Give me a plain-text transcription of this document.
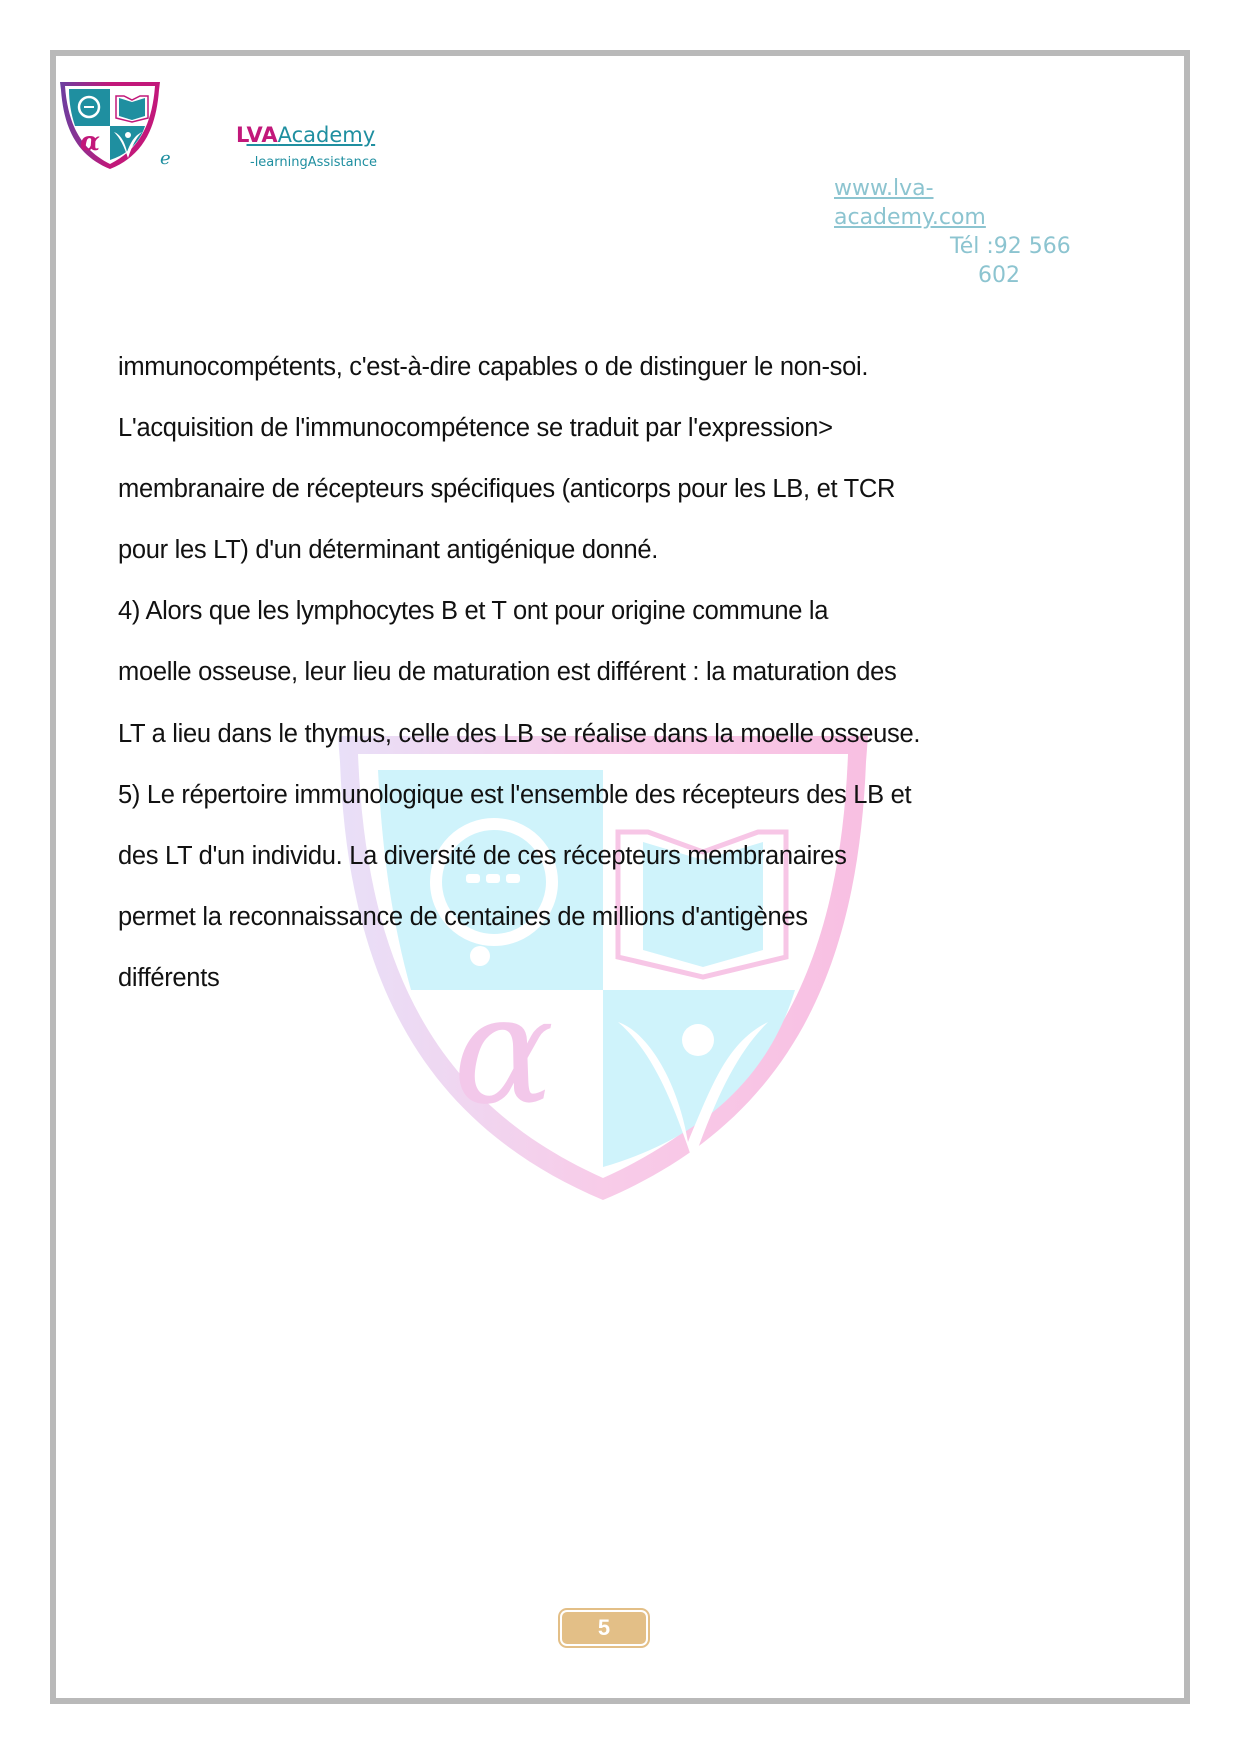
α
α
e
LVAAcademy
-learningAssistance
www.lva-
academy.com
Tél :92 566
602
immunocompétents, c'est-à-dire capables o de distinguer le non-soi.
L'acquisition de l'immunocompétence se traduit par l'expression>
membranaire de récepteurs spécifiques (anticorps pour les LB, et TCR
pour les LT) d'un déterminant antigénique donné.
4) Alors que les lymphocytes B et T ont pour origine commune la
moelle osseuse, leur lieu de maturation est différent : la maturation des
LT a lieu dans le thymus, celle des LB se réalise dans la moelle osseuse.
5) Le répertoire immunologique est l'ensemble des récepteurs des LB et
des LT d'un individu. La diversité de ces récepteurs membranaires
permet la reconnaissance de centaines de millions d'antigènes
différents
5
